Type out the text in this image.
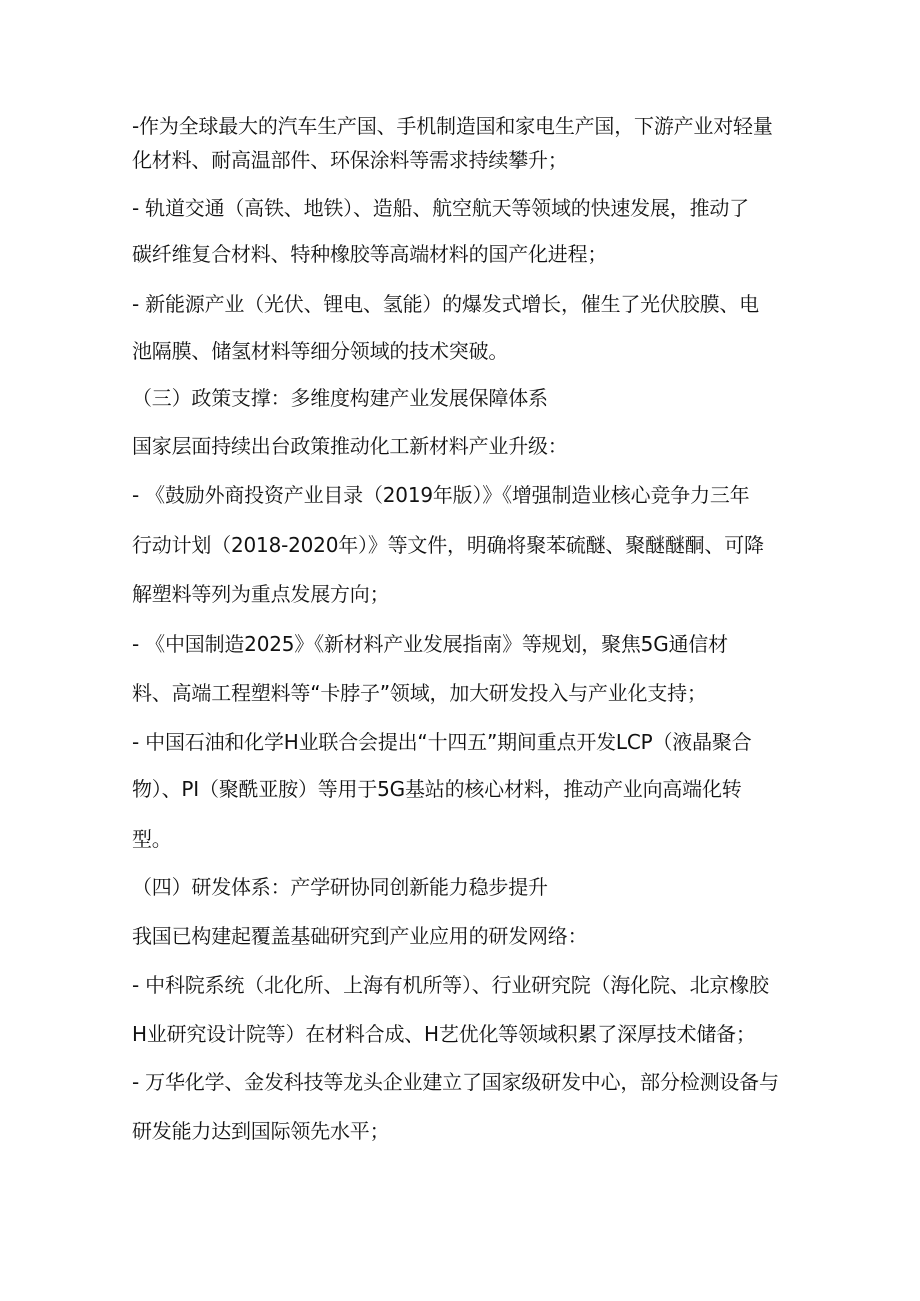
-作为全球最大的汽车生产国、手机制造国和家电生产国，下游产业对轻量

化材料、耐高温部件、环保涂料等需求持续攀升；

- 轨道交通（高铁、地铁）、造船、航空航天等领域的快速发展，推动了

碳纤维复合材料、特种橡胶等高端材料的国产化进程；

- 新能源产业（光伏、锂电、氢能）的爆发式增长，催生了光伏胶膜、电

池隔膜、储氢材料等细分领域的技术突破。

（三）政策支撑：多维度构建产业发展保障体系

国家层面持续出台政策推动化工新材料产业升级：

- 《鼓励外商投资产业目录（2019年版）》《增强制造业核心竞争力三年

行动计划（2018-2020年）》等文件，明确将聚苯硫醚、聚醚醚酮、可降

解塑料等列为重点发展方向；

- 《中国制造2025》《新材料产业发展指南》等规划，聚焦5G通信材

料、高端工程塑料等“卡脖子”领域，加大研发投入与产业化支持；

- 中国石油和化学H业联合会提出“十四五”期间重点开发LCP（液晶聚合

物）、PI（聚酰亚胺）等用于5G基站的核心材料，推动产业向高端化转

型。

（四）研发体系：产学研协同创新能力稳步提升

我国已构建起覆盖基础研究到产业应用的研发网络：

- 中科院系统（北化所、上海有机所等）、行业研究院（海化院、北京橡胶

H业研究设计院等）在材料合成、H艺优化等领域积累了深厚技术储备；

- 万华化学、金发科技等龙头企业建立了国家级研发中心，部分检测设备与

研发能力达到国际领先水平；
